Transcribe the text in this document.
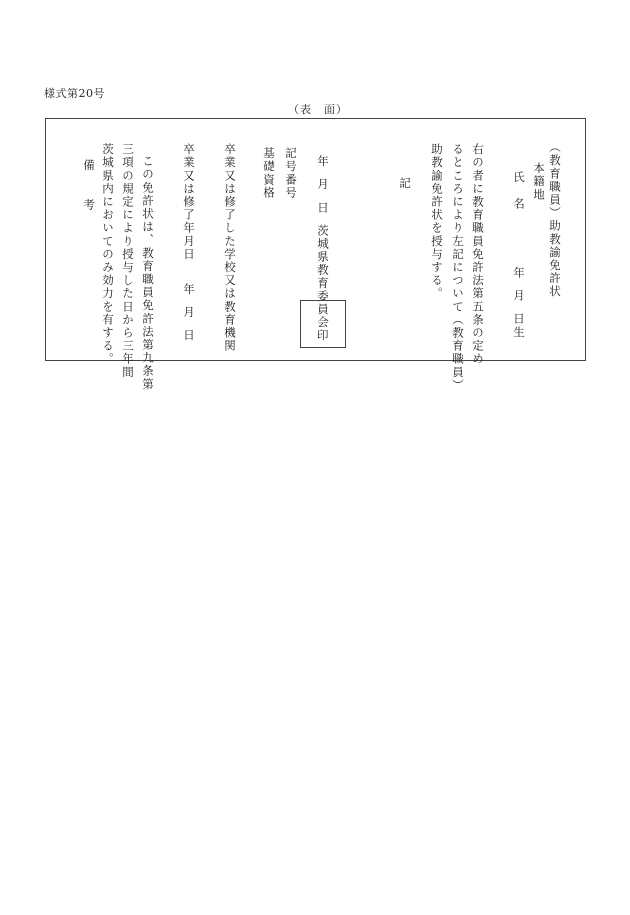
様式第20号
（表　面）
（教育職員）助教諭免許状
本籍地
氏　名年月日生
右の者に教育職員免許法第五条の定め
るところにより左記について（教育職員）
助教諭免許状を授与する。
記
年月日茨城県教育委員会
印
記号番号
基礎資格
卒業又は修了した学校又は教育機関
卒業又は修了年月日年月日
この免許状は、教育職員免許法第九条第
三項の規定により授与した日から三年間
茨城県内においてのみ効力を有する。
備　　考
